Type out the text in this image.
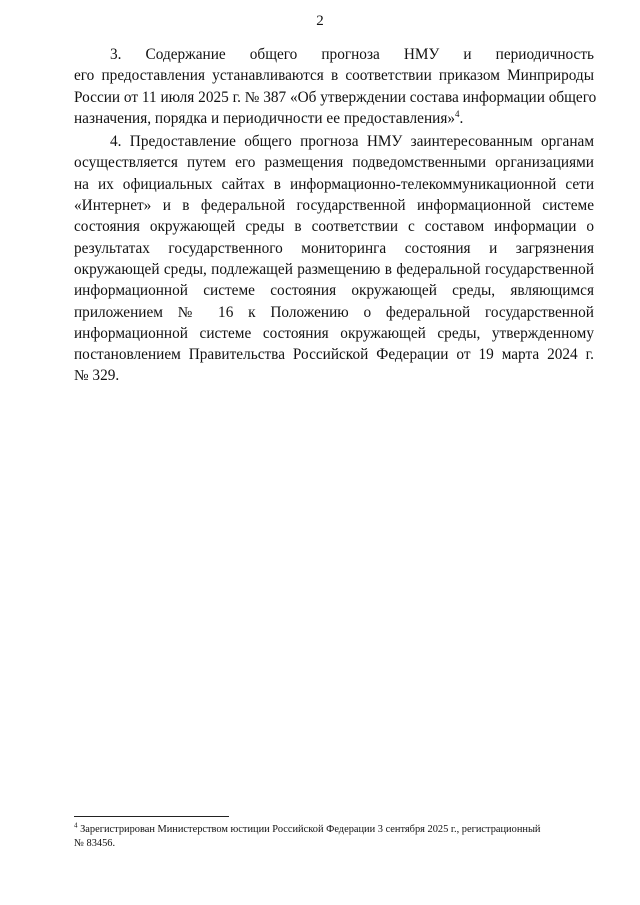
2
3. Содержание общего прогноза НМУ и периодичность
его предоставления устанавливаются в соответствии приказом Минприроды
России от 11 июля 2025 г. № 387 «Об утверждении состава информации общего
назначения, порядка и периодичности ее предоставления»$^4$.
4. Предоставление общего прогноза НМУ заинтересованным органам
осуществляется путем его размещения подведомственными организациями
на их официальных сайтах в информационно-телекоммуникационной сети
«Интернет» и в федеральной государственной информационной системе
состояния окружающей среды в соответствии с составом информации о
результатах государственного мониторинга состояния и загрязнения
окружающей среды, подлежащей размещению в федеральной государственной
информационной системе состояния окружающей среды, являющимся
приложением № 16 к Положению о федеральной государственной
информационной системе состояния окружающей среды, утвержденному
постановлением Правительства Российской Федерации от 19 марта 2024 г.
№ 329.
$^4$ Зарегистрирован Министерством юстиции Российской Федерации 3 сентября 2025 г., регистрационный
№ 83456.
